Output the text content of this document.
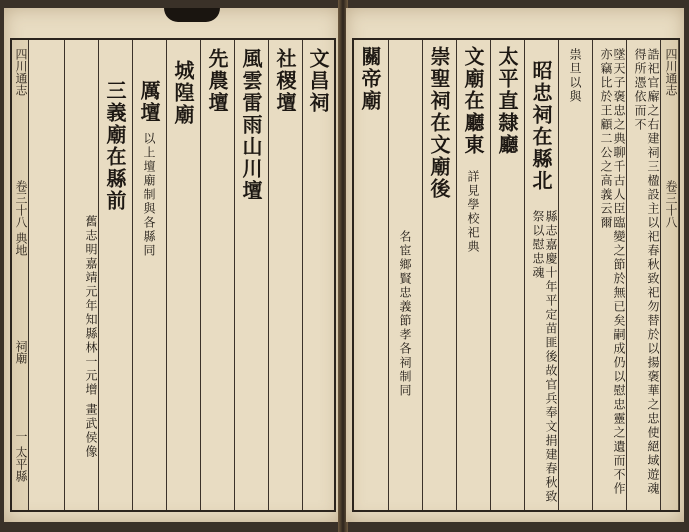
四川通志
卷三十八 典地
祠廟
一 太平縣
文昌祠
社稷壇
風雲雷雨山川壇
先農壇
城隍廟
厲壇
以上壇廟制與各縣同
三義廟在縣前
舊志明嘉靖元年知縣林一元增 畫武侯像
四川通志
卷三十八
誥祀官廨之右建祠三楹設主以祀春秋致祀勿替於以揚褒華之忠使絕域遊魂得所憑依而不
墜天子褒忠之典聊千古人臣臨變之節於無已矣嗣成仍以慰忠靈之遺而不作亦竊比於王顧二公之高義云爾
祟旦以與
昭忠祠在縣北
縣志嘉慶十年平定苗匪後故官兵奉文捐建春秋致祭以慰忠魂
太平直隸廳
文廟在廳東
詳見學校祀典
崇聖祠在文廟後
名宦鄉賢忠義節孝各祠制同
關帝廟
